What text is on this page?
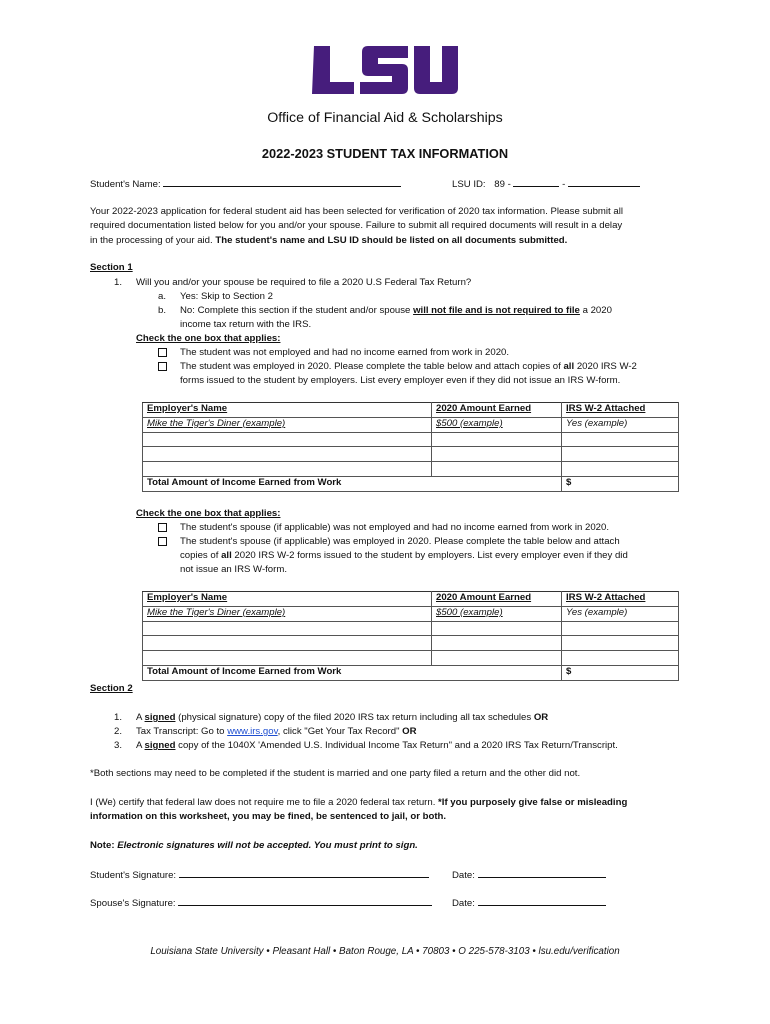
Office of Financial Aid & Scholarships
2022-2023 STUDENT TAX INFORMATION
Student's Name:	LSU ID: 89 -	-
Your 2022-2023 application for federal student aid has been selected for verification of 2020 tax information. Please submit all
required documentation listed below for you and/or your spouse. Failure to submit all required documents will result in a delay
in the processing of your aid. The student's name and LSU ID should be listed on all documents submitted.
Section 1
1. Will you and/or your spouse be required to file a 2020 U.S Federal Tax Return?
a. Yes: Skip to Section 2
b. No: Complete this section if the student and/or spouse will not file and is not required to file a 2020
income tax return with the IRS.
Check the one box that applies:
The student was not employed and had no income earned from work in 2020.
The student was employed in 2020. Please complete the table below and attach copies of all 2020 IRS W-2
forms issued to the student by employers. List every employer even if they did not issue an IRS W-form.
Employer's Name	2020 Amount Earned	IRS W-2 Attached
Mike the Tiger's Diner (example)	$500 (example)	Yes (example)

Total Amount of Income Earned from Work		$
Check the one box that applies:
The student's spouse (if applicable) was not employed and had no income earned from work in 2020.
The student's spouse (if applicable) was employed in 2020. Please complete the table below and attach
copies of all 2020 IRS W-2 forms issued to the student by employers. List every employer even if they did
not issue an IRS W-form.
Employer's Name	2020 Amount Earned	IRS W-2 Attached
Mike the Tiger's Diner (example)	$500 (example)	Yes (example)

Total Amount of Income Earned from Work		$
Section 2
1. A signed (physical signature) copy of the filed 2020 IRS tax return including all tax schedules OR
2. Tax Transcript: Go to www.irs.gov, click "Get Your Tax Record" OR
3. A signed copy of the 1040X 'Amended U.S. Individual Income Tax Return" and a 2020 IRS Tax Return/Transcript.
*Both sections may need to be completed if the student is married and one party filed a return and the other did not.
I (We) certify that federal law does not require me to file a 2020 federal tax return. *If you purposely give false or misleading
information on this worksheet, you may be fined, be sentenced to jail, or both.
Note: Electronic signatures will not be accepted. You must print to sign.
Student's Signature:	Date:
Spouse's Signature:	Date:
Louisiana State University • Pleasant Hall • Baton Rouge, LA • 70803 • O 225-578-3103 • lsu.edu/verification
